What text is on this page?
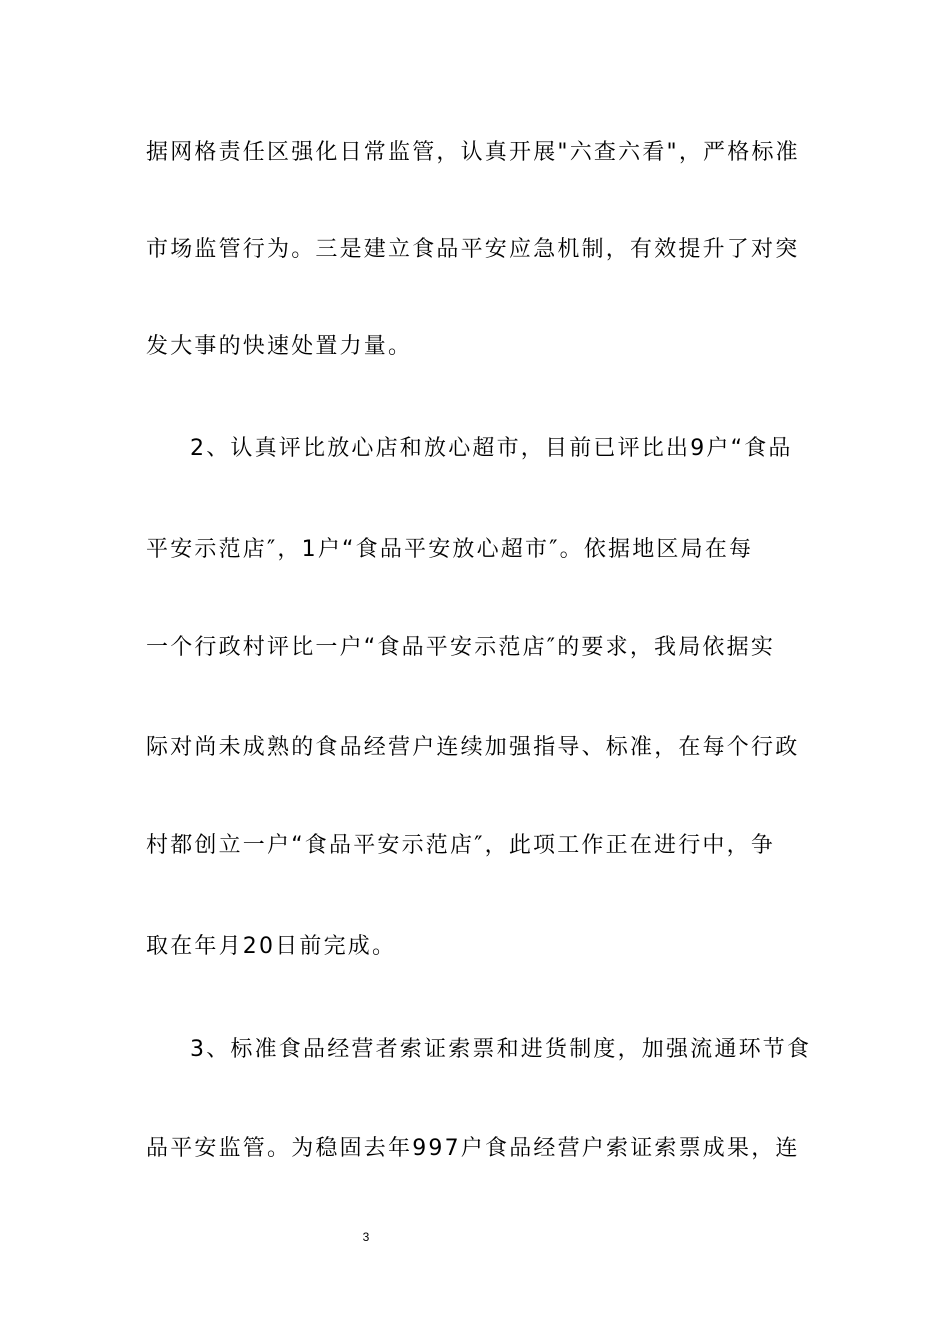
据网格责任区强化日常监管，认真开展"六查六看"，严格标准
市场监管行为。三是建立食品平安应急机制，有效提升了对突
发大事的快速处置力量。
2、认真评比放心店和放心超市，目前已评比出9户“食品
平安示范店″，1户“食品平安放心超市″。依据地区局在每
一个行政村评比一户“食品平安示范店″的要求，我局依据实
际对尚未成熟的食品经营户连续加强指导、标准，在每个行政
村都创立一户“食品平安示范店″，此项工作正在进行中，争
取在年月20日前完成。
3、标准食品经营者索证索票和进货制度，加强流通环节食
品平安监管。为稳固去年997户食品经营户索证索票成果，连
3
